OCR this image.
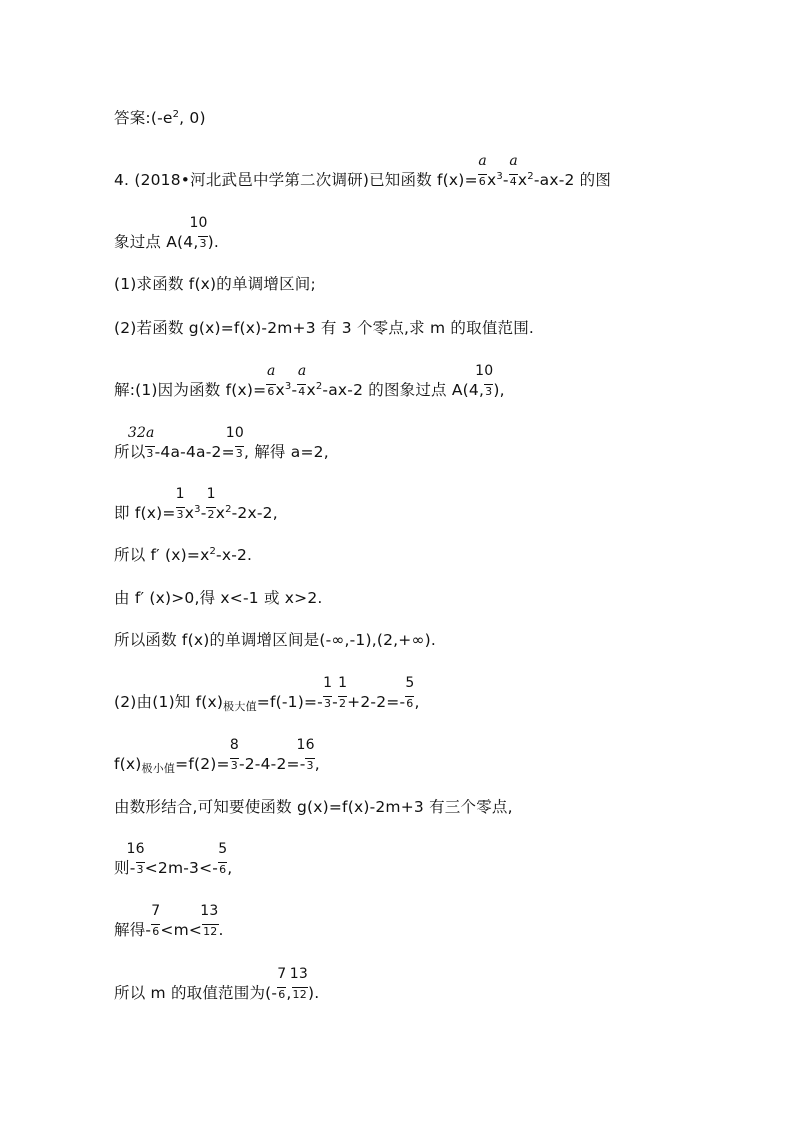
答案$:(-e^2$, 0)
4. (2018•河北武邑中学第二次调研)已知函数 $f(x)= \frac{a}{6}x^3- \frac{a}{4}x^2-ax-2$ 的图
象过点 A(4, $\frac{10}{3}$).
(1)求函数 f(x)的单调增区间;
(2)若函数 g(x)=f(x)-2m+3 有 3 个零点,求 m 的取值范围.
解:(1)因为函数 $f(x)= \frac{a}{6}x^3- \frac{a}{4}x^2-ax-2$ 的图象过点 A(4, $\frac{10}{3}$),
所以 $\frac{32a}{3}-4a-4a-2= \frac{10}{3}$, 解得 a=2,
即 $f(x)= \frac{1}{3}x^3- \frac{1}{2}x^2-2x-2$,
所以 f′ $(x)=x^2-x-2$.
由 f′ (x)>0,得 x<-1 或 x>2.
所以函数 f(x)的单调增区间是(-∞,-1),(2,+∞).
(2)由(1)知 $f(x)_{极大值}=f(-1)=- \frac{1}{3}- \frac{1}{2}+2-2=- \frac{5}{6}$,
$f(x)_{极小值}=f(2)= \frac{8}{3}-2-4-2=- \frac{16}{3}$,
由数形结合,可知要使函数 g(x)=f(x)-2m+3 有三个零点,
则- $\frac{16}{3}<2m-3<- \frac{5}{6}$,
解得- $\frac{7}{6}<m< \frac{13}{12}$.
所以 m 的取值范围为(- $\frac{7}{6}$, $\frac{13}{12}$).
